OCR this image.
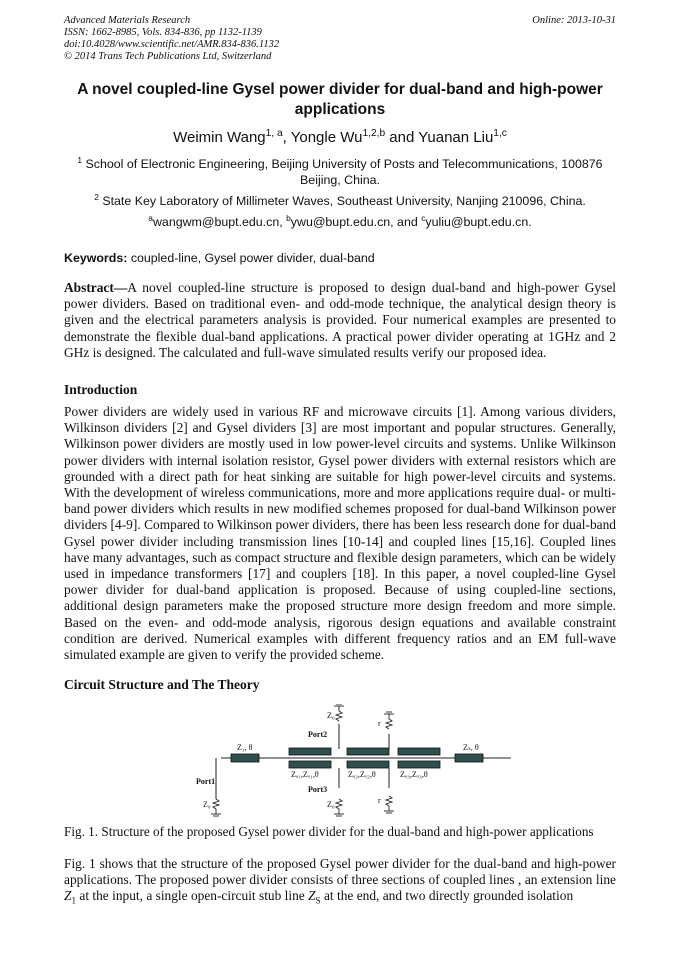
Advanced Materials Research
ISSN: 1662-8985, Vols. 834-836, pp 1132-1139
doi:10.4028/www.scientific.net/AMR.834-836.1132
© 2014 Trans Tech Publications Ltd, Switzerland
Online: 2013-10-31
A novel coupled-line Gysel power divider for dual-band and high-power applications
Weimin Wang$^{1, a}$, Yongle Wu$^{1,2,b}$ and Yuanan Liu$^{1,c}$
$^1$ School of Electronic Engineering, Beijing University of Posts and Telecommunications, 100876 Beijing, China.
$^2$ State Key Laboratory of Millimeter Waves, Southeast University, Nanjing 210096, China.
$^a$wangwm@bupt.edu.cn, $^b$ywu@bupt.edu.cn, and $^c$yuliu@bupt.edu.cn.
Keywords: coupled-line, Gysel power divider, dual-band
Abstract—A novel coupled-line structure is proposed to design dual-band and high-power Gysel power dividers. Based on traditional even- and odd-mode technique, the analytical design theory is given and the electrical parameters analysis is provided. Four numerical examples are presented to demonstrate the flexible dual-band applications. A practical power divider operating at 1GHz and 2 GHz is designed. The calculated and full-wave simulated results verify our proposed idea.
Introduction
Power dividers are widely used in various RF and microwave circuits [1]. Among various dividers, Wilkinson dividers [2] and Gysel dividers [3] are most important and popular structures. Generally, Wilkinson power dividers are mostly used in low power-level circuits and systems. Unlike Wilkinson power dividers with internal isolation resistor, Gysel power dividers with external resistors which are grounded with a direct path for heat sinking are suitable for high power-level circuits and systems. With the development of wireless communications, more and more applications require dual- or multi-band power dividers which results in new modified schemes proposed for dual-band Wilkinson power dividers [4-9]. Compared to Wilkinson power dividers, there has been less research done for dual-band Gysel power divider including transmission lines [10-14] and coupled lines [15,16]. Coupled lines have many advantages, such as compact structure and flexible design parameters, which can be widely used in impedance transformers [17] and couplers [18]. In this paper, a novel coupled-line Gysel power divider for dual-band application is proposed. Because of using coupled-line sections, additional design parameters make the proposed structure more design freedom and more simple. Based on the even- and odd-mode analysis, rigorous design equations and available constraint condition are derived. Numerical examples with different frequency ratios and an EM full-wave simulated example are given to verify the provided scheme.
Circuit Structure and The Theory
Port1
Port2
Port3
Z₁, θ	Zₛ, θ
Zₐ₁,Zₒ₁,θ	Zₐ₂,Zₒ₂,θ	Zₐ₃,Zₒ₃,θ
Z₀
Z₀	Z₀
r
r
Fig. 1. Structure of the proposed Gysel power divider for the dual-band and high-power applications
Fig. 1 shows that the structure of the proposed Gysel power divider for the dual-band and high-power applications. The proposed power divider consists of three sections of coupled lines , an extension line $Z_1$ at the input, a single open-circuit stub line $Z_S$ at the end, and two directly grounded isolation
